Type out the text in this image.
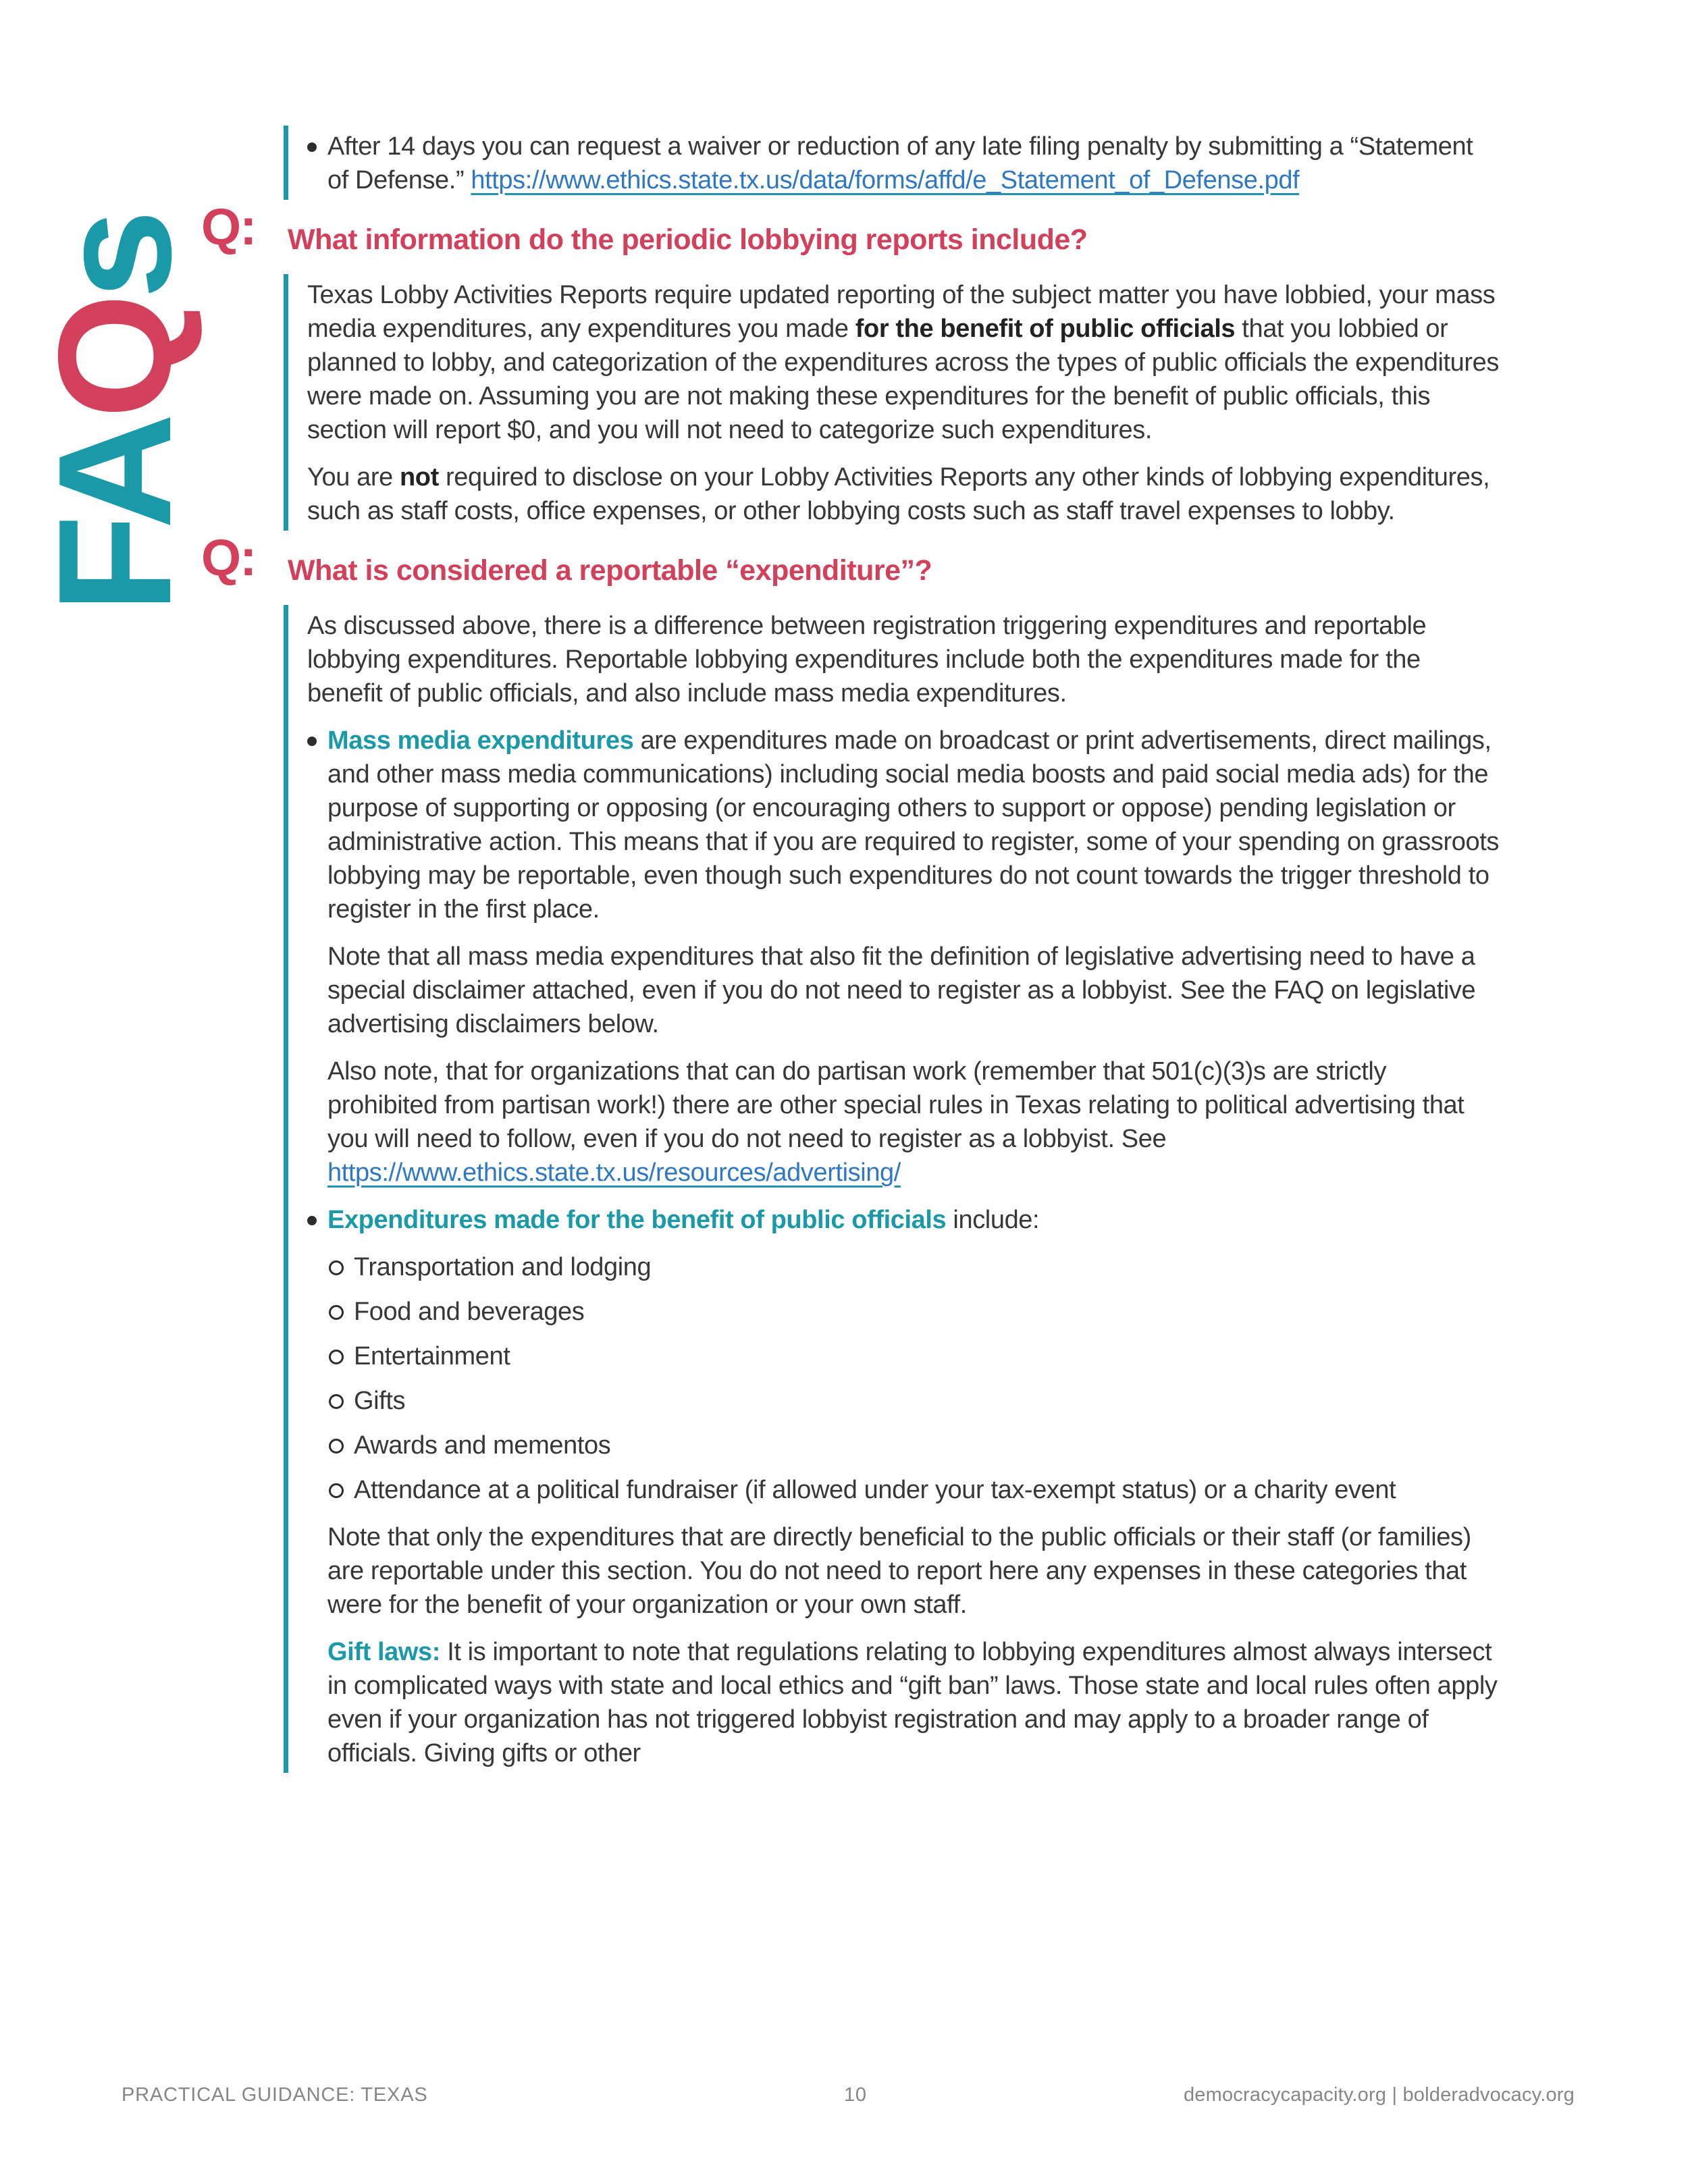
FAQs
After 14 days you can request a waiver or reduction of any late filing penalty by submitting a “Statement of Defense.” https://www.ethics.state.tx.us/data/forms/affd/e_Statement_of_Defense.pdf
Q: What information do the periodic lobbying reports include?

Texas Lobby Activities Reports require updated reporting of the subject matter you have lobbied, your mass media expenditures, any expenditures you made for the benefit of public officials that you lobbied or planned to lobby, and categorization of the expenditures across the types of public officials the expenditures were made on. Assuming you are not making these expenditures for the benefit of public officials, this section will report $0, and you will not need to categorize such expenditures.

You are not required to disclose on your Lobby Activities Reports any other kinds of lobbying expenditures, such as staff costs, office expenses, or other lobbying costs such as staff travel expenses to lobby.

Q: What is considered a reportable “expenditure”?

As discussed above, there is a difference between registration triggering expenditures and reportable lobbying expenditures. Reportable lobbying expenditures include both the expenditures made for the benefit of public officials, and also include mass media expenditures.

Mass media expenditures are expenditures made on broadcast or print advertisements, direct mailings, and other mass media communications) including social media boosts and paid social media ads) for the purpose of supporting or opposing (or encouraging others to support or oppose) pending legislation or administrative action. This means that if you are required to register, some of your spending on grassroots lobbying may be reportable, even though such expenditures do not count towards the trigger threshold to register in the first place.

Note that all mass media expenditures that also fit the definition of legislative advertising need to have a special disclaimer attached, even if you do not need to register as a lobbyist. See the FAQ on legislative advertising disclaimers below.

Also note, that for organizations that can do partisan work (remember that 501(c)(3)s are strictly prohibited from partisan work!) there are other special rules in Texas relating to political advertising that you will need to follow, even if you do not need to register as a lobbyist. See https://www.ethics.state.tx.us/resources/advertising/

Expenditures made for the benefit of public officials include:
Transportation and lodging
Food and beverages
Entertainment
Gifts
Awards and mementos
Attendance at a political fundraiser (if allowed under your tax-exempt status) or a charity event

Note that only the expenditures that are directly beneficial to the public officials or their staff (or families) are reportable under this section. You do not need to report here any expenses in these categories that were for the benefit of your organization or your own staff.

Gift laws: It is important to note that regulations relating to lobbying expenditures almost always intersect in complicated ways with state and local ethics and “gift ban” laws. Those state and local rules often apply even if your organization has not triggered lobbyist registration and may apply to a broader range of officials. Giving gifts or other

PRACTICAL GUIDANCE: TEXAS	10	democracycapacity.org | bolderadvocacy.org
